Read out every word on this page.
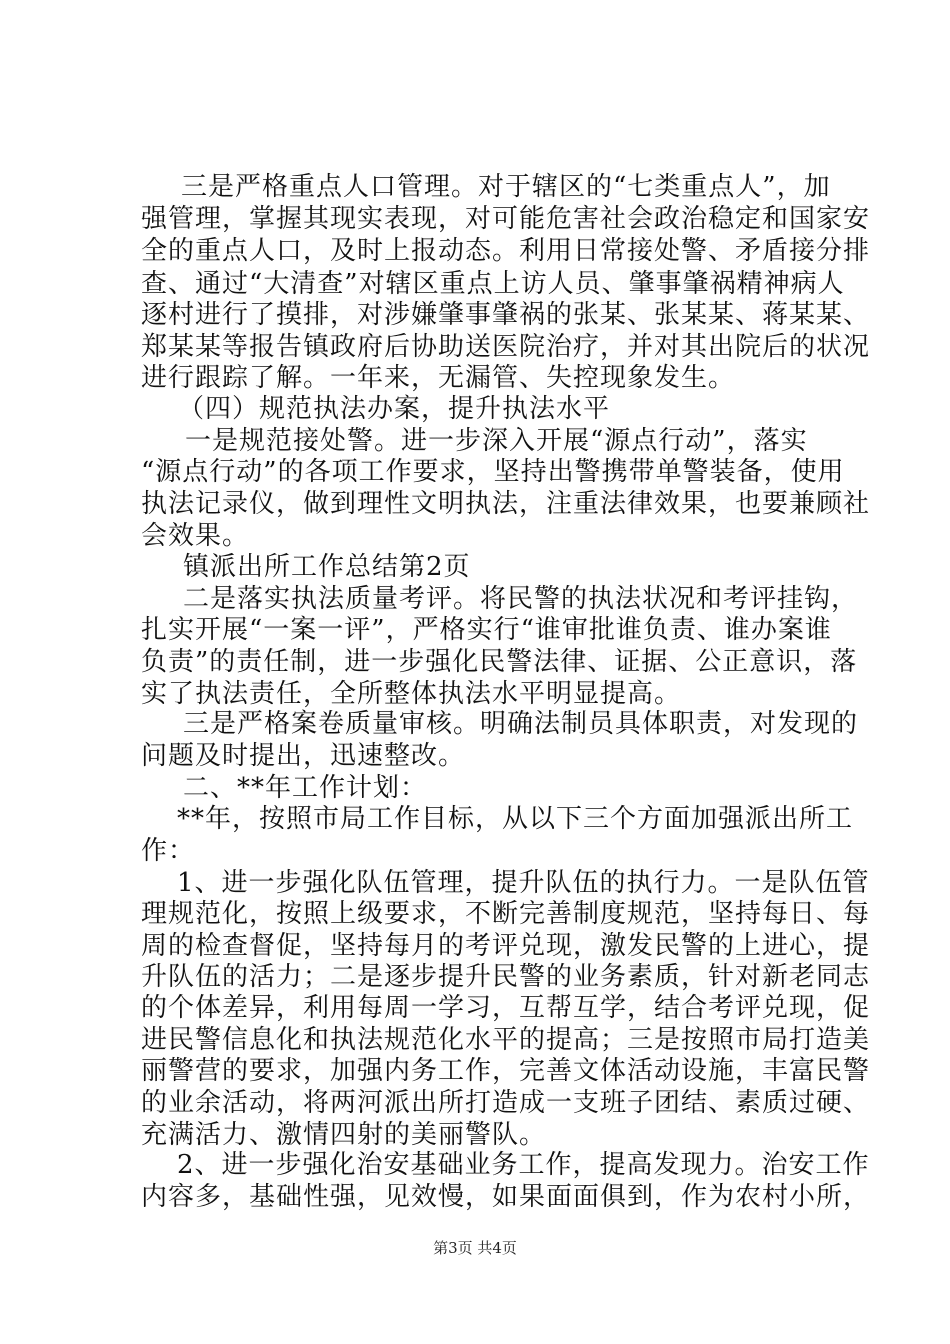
三是严格重点人口管理。对于辖区的“七类重点人”，加
强管理，掌握其现实表现，对可能危害社会政治稳定和国家安
全的重点人口，及时上报动态。利用日常接处警、矛盾接分排
查、通过“大清查”对辖区重点上访人员、肇事肇祸精神病人
逐村进行了摸排，对涉嫌肇事肇祸的张某、张某某、蒋某某、
郑某某等报告镇政府后协助送医院治疗，并对其出院后的状况
进行跟踪了解。一年来，无漏管、失控现象发生。
（四）规范执法办案，提升执法水平
一是规范接处警。进一步深入开展“源点行动”，落实
“源点行动”的各项工作要求，坚持出警携带单警装备，使用
执法记录仪，做到理性文明执法，注重法律效果，也要兼顾社
会效果。
镇派出所工作总结第2页
二是落实执法质量考评。将民警的执法状况和考评挂钩，
扎实开展“一案一评”，严格实行“谁审批谁负责、谁办案谁
负责”的责任制，进一步强化民警法律、证据、公正意识，落
实了执法责任，全所整体执法水平明显提高。
三是严格案卷质量审核。明确法制员具体职责，对发现的
问题及时提出，迅速整改。
二、**年工作计划：
**年，按照市局工作目标，从以下三个方面加强派出所工
作：
1、进一步强化队伍管理，提升队伍的执行力。一是队伍管
理规范化，按照上级要求，不断完善制度规范，坚持每日、每
周的检查督促，坚持每月的考评兑现，激发民警的上进心，提
升队伍的活力；二是逐步提升民警的业务素质，针对新老同志
的个体差异，利用每周一学习，互帮互学，结合考评兑现，促
进民警信息化和执法规范化水平的提高；三是按照市局打造美
丽警营的要求，加强内务工作，完善文体活动设施，丰富民警
的业余活动，将两河派出所打造成一支班子团结、素质过硬、
充满活力、激情四射的美丽警队。
2、进一步强化治安基础业务工作，提高发现力。治安工作
内容多，基础性强，见效慢，如果面面俱到，作为农村小所，
第3页 共4页
